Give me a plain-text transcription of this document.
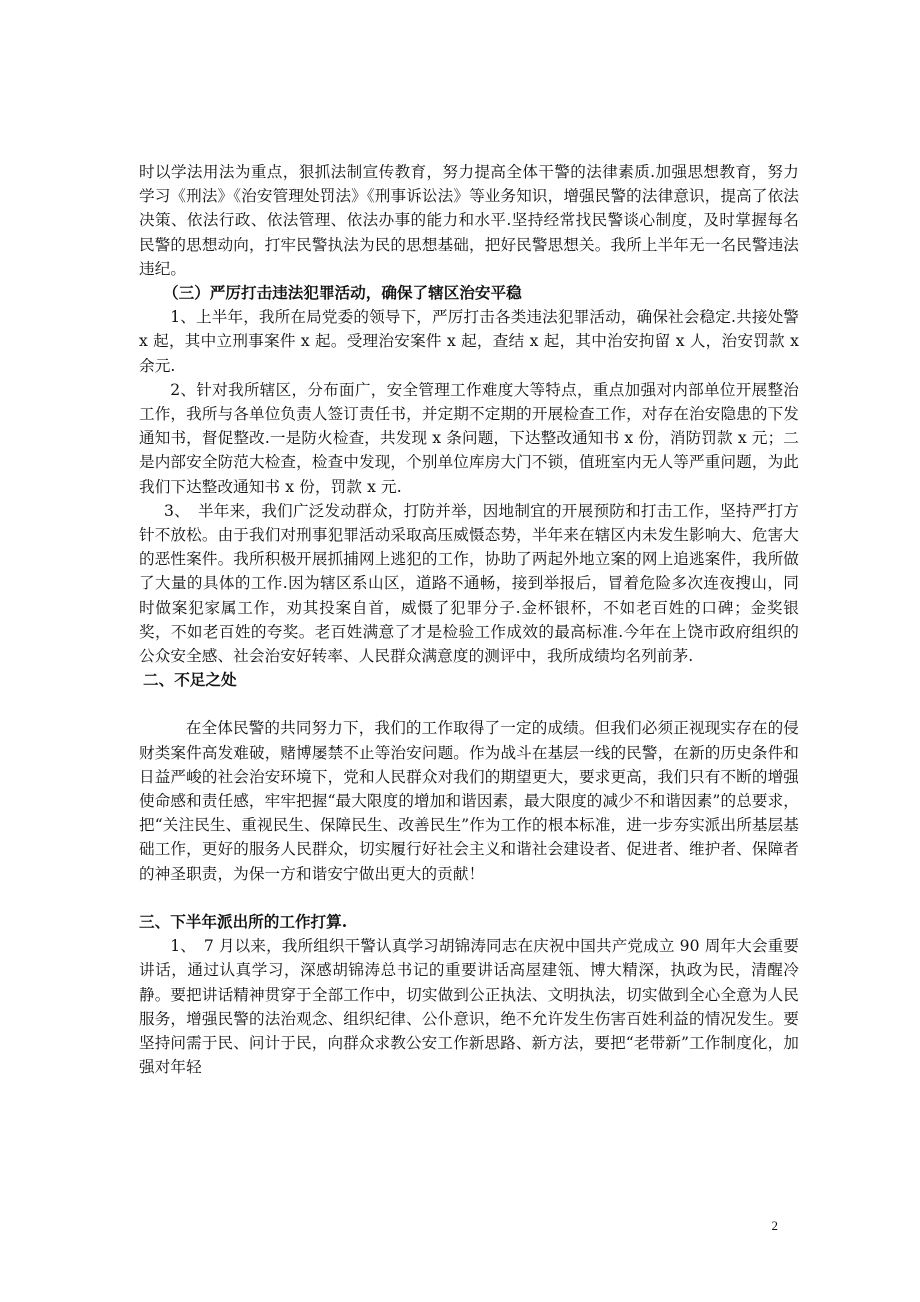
时以学法用法为重点，狠抓法制宣传教育，努力提高全体干警的法律素质.加强思想教育，努力学习《刑法》《治安管理处罚法》《刑事诉讼法》等业务知识，增强民警的法律意识，提高了依法决策、依法行政、依法管理、依法办事的能力和水平.坚持经常找民警谈心制度，及时掌握每名民警的思想动向，打牢民警执法为民的思想基础，把好民警思想关。我所上半年无一名民警违法违纪。

（三）严厉打击违法犯罪活动，确保了辖区治安平稳

1、上半年，我所在局党委的领导下，严厉打击各类违法犯罪活动，确保社会稳定.共接处警 x 起，其中立刑事案件 x 起。受理治安案件 x 起，查结 x 起，其中治安拘留 x 人，治安罚款 x 余元.

2、针对我所辖区，分布面广，安全管理工作难度大等特点，重点加强对内部单位开展整治工作，我所与各单位负责人签订责任书，并定期不定期的开展检查工作，对存在治安隐患的下发通知书，督促整改.一是防火检查，共发现 x 条问题，下达整改通知书 x 份，消防罚款 x 元；二是内部安全防范大检查，检查中发现，个别单位库房大门不锁，值班室内无人等严重问题，为此我们下达整改通知书 x 份，罚款 x 元.

3、　半年来，我们广泛发动群众，打防并举，因地制宜的开展预防和打击工作，坚持严打方针不放松。由于我们对刑事犯罪活动采取高压威慑态势，半年来在辖区内未发生影响大、危害大的恶性案件。我所积极开展抓捕网上逃犯的工作，协助了两起外地立案的网上追逃案件，我所做了大量的具体的工作.因为辖区系山区，道路不通畅，接到举报后，冒着危险多次连夜搜山，同时做案犯家属工作，劝其投案自首，威慑了犯罪分子.金杯银杯，不如老百姓的口碑；金奖银奖，不如老百姓的夸奖。老百姓满意了才是检验工作成效的最高标准.今年在上饶市政府组织的公众安全感、社会治安好转率、人民群众满意度的测评中，我所成绩均名列前茅.

二、不足之处

在全体民警的共同努力下，我们的工作取得了一定的成绩。但我们必须正视现实存在的侵财类案件高发难破，赌博屡禁不止等治安问题。作为战斗在基层一线的民警，在新的历史条件和日益严峻的社会治安环境下，党和人民群众对我们的期望更大，要求更高，我们只有不断的增强使命感和责任感，牢牢把握“最大限度的增加和谐因素，最大限度的减少不和谐因素”的总要求，把“关注民生、重视民生、保障民生、改善民生”作为工作的根本标准，进一步夯实派出所基层基础工作，更好的服务人民群众，切实履行好社会主义和谐社会建设者、促进者、维护者、保障者的神圣职责，为保一方和谐安宁做出更大的贡献！

三、下半年派出所的工作打算.

1、　7 月以来，我所组织干警认真学习胡锦涛同志在庆祝中国共产党成立 90 周年大会重要讲话，通过认真学习，深感胡锦涛总书记的重要讲话高屋建瓴、博大精深，执政为民，清醒冷静。要把讲话精神贯穿于全部工作中，切实做到公正执法、文明执法，切实做到全心全意为人民服务，增强民警的法治观念、组织纪律、公仆意识，绝不允许发生伤害百姓利益的情况发生。要坚持问需于民、问计于民，向群众求教公安工作新思路、新方法，要把“老带新”工作制度化，加强对年轻

2
